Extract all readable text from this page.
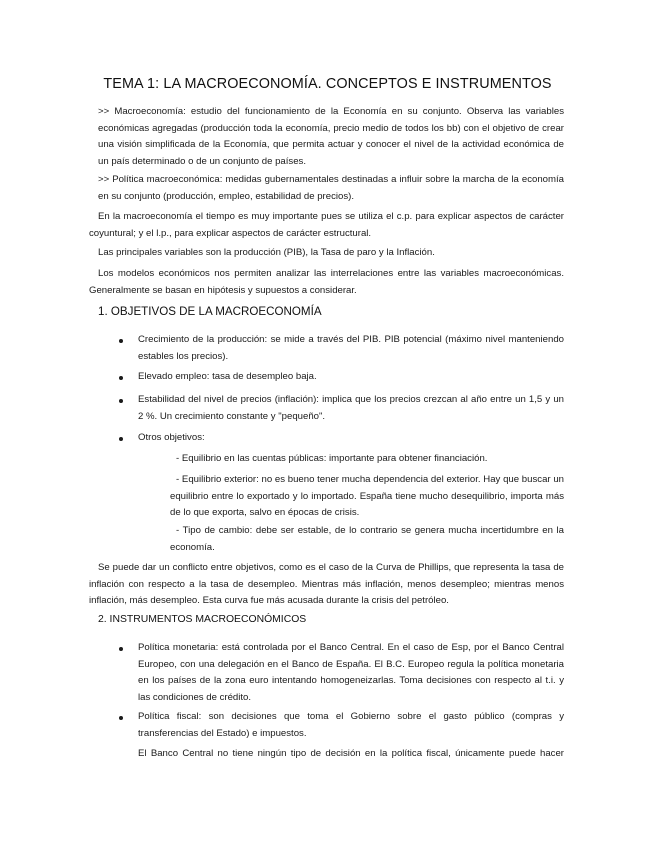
TEMA 1: LA MACROECONOMÍA. CONCEPTOS E INSTRUMENTOS

>> Macroeconomía: estudio del funcionamiento de la Economía en su conjunto. Observa las variables económicas agregadas (producción toda la economía, precio medio de todos los bb) con el objetivo de crear una visión simplificada de la Economía, que permita actuar y conocer el nivel de la actividad económica de un país determinado o de un conjunto de países.

>> Política macroeconómica: medidas gubernamentales destinadas a influir sobre la marcha de la economía en su conjunto (producción, empleo, estabilidad de precios).

En la macroeconomía el tiempo es muy importante pues se utiliza el c.p. para explicar aspectos de carácter coyuntural; y el l.p., para explicar aspectos de carácter estructural.

Las principales variables son la producción (PIB), la Tasa de paro y la Inflación.

Los modelos económicos nos permiten analizar las interrelaciones entre las variables macroeconómicas. Generalmente se basan en hipótesis y supuestos a considerar.

1. OBJETIVOS DE LA MACROECONOMÍA

Crecimiento de la producción: se mide a través del PIB. PIB potencial (máximo nivel manteniendo estables los precios).

Elevado empleo: tasa de desempleo baja.

Estabilidad del nivel de precios (inflación): implica que los precios crezcan al año entre un 1,5 y un 2 %. Un crecimiento constante y "pequeño".

Otros objetivos:

- Equilibrio en las cuentas públicas: importante para obtener financiación.

- Equilibrio exterior: no es bueno tener mucha dependencia del exterior. Hay que buscar un equilibrio entre lo exportado y lo importado. España tiene mucho desequilibrio, importa más de lo que exporta, salvo en épocas de crisis.

- Tipo de cambio: debe ser estable, de lo contrario se genera mucha incertidumbre en la economía.

Se puede dar un conflicto entre objetivos, como es el caso de la Curva de Phillips, que representa la tasa de inflación con respecto a la tasa de desempleo. Mientras más inflación, menos desempleo; mientras menos inflación, más desempleo. Esta curva fue más acusada durante la crisis del petróleo.

2. INSTRUMENTOS MACROECONÓMICOS

Política monetaria: está controlada por el Banco Central. En el caso de Esp, por el Banco Central Europeo, con una delegación en el Banco de España. El B.C. Europeo regula la política monetaria en los países de la zona euro intentando homogeneizarlas. Toma decisiones con respecto al t.i. y las condiciones de crédito.

Política fiscal: son decisiones que toma el Gobierno sobre el gasto público (compras y transferencias del Estado) e impuestos.

El Banco Central no tiene ningún tipo de decisión en la política fiscal, únicamente puede hacer
